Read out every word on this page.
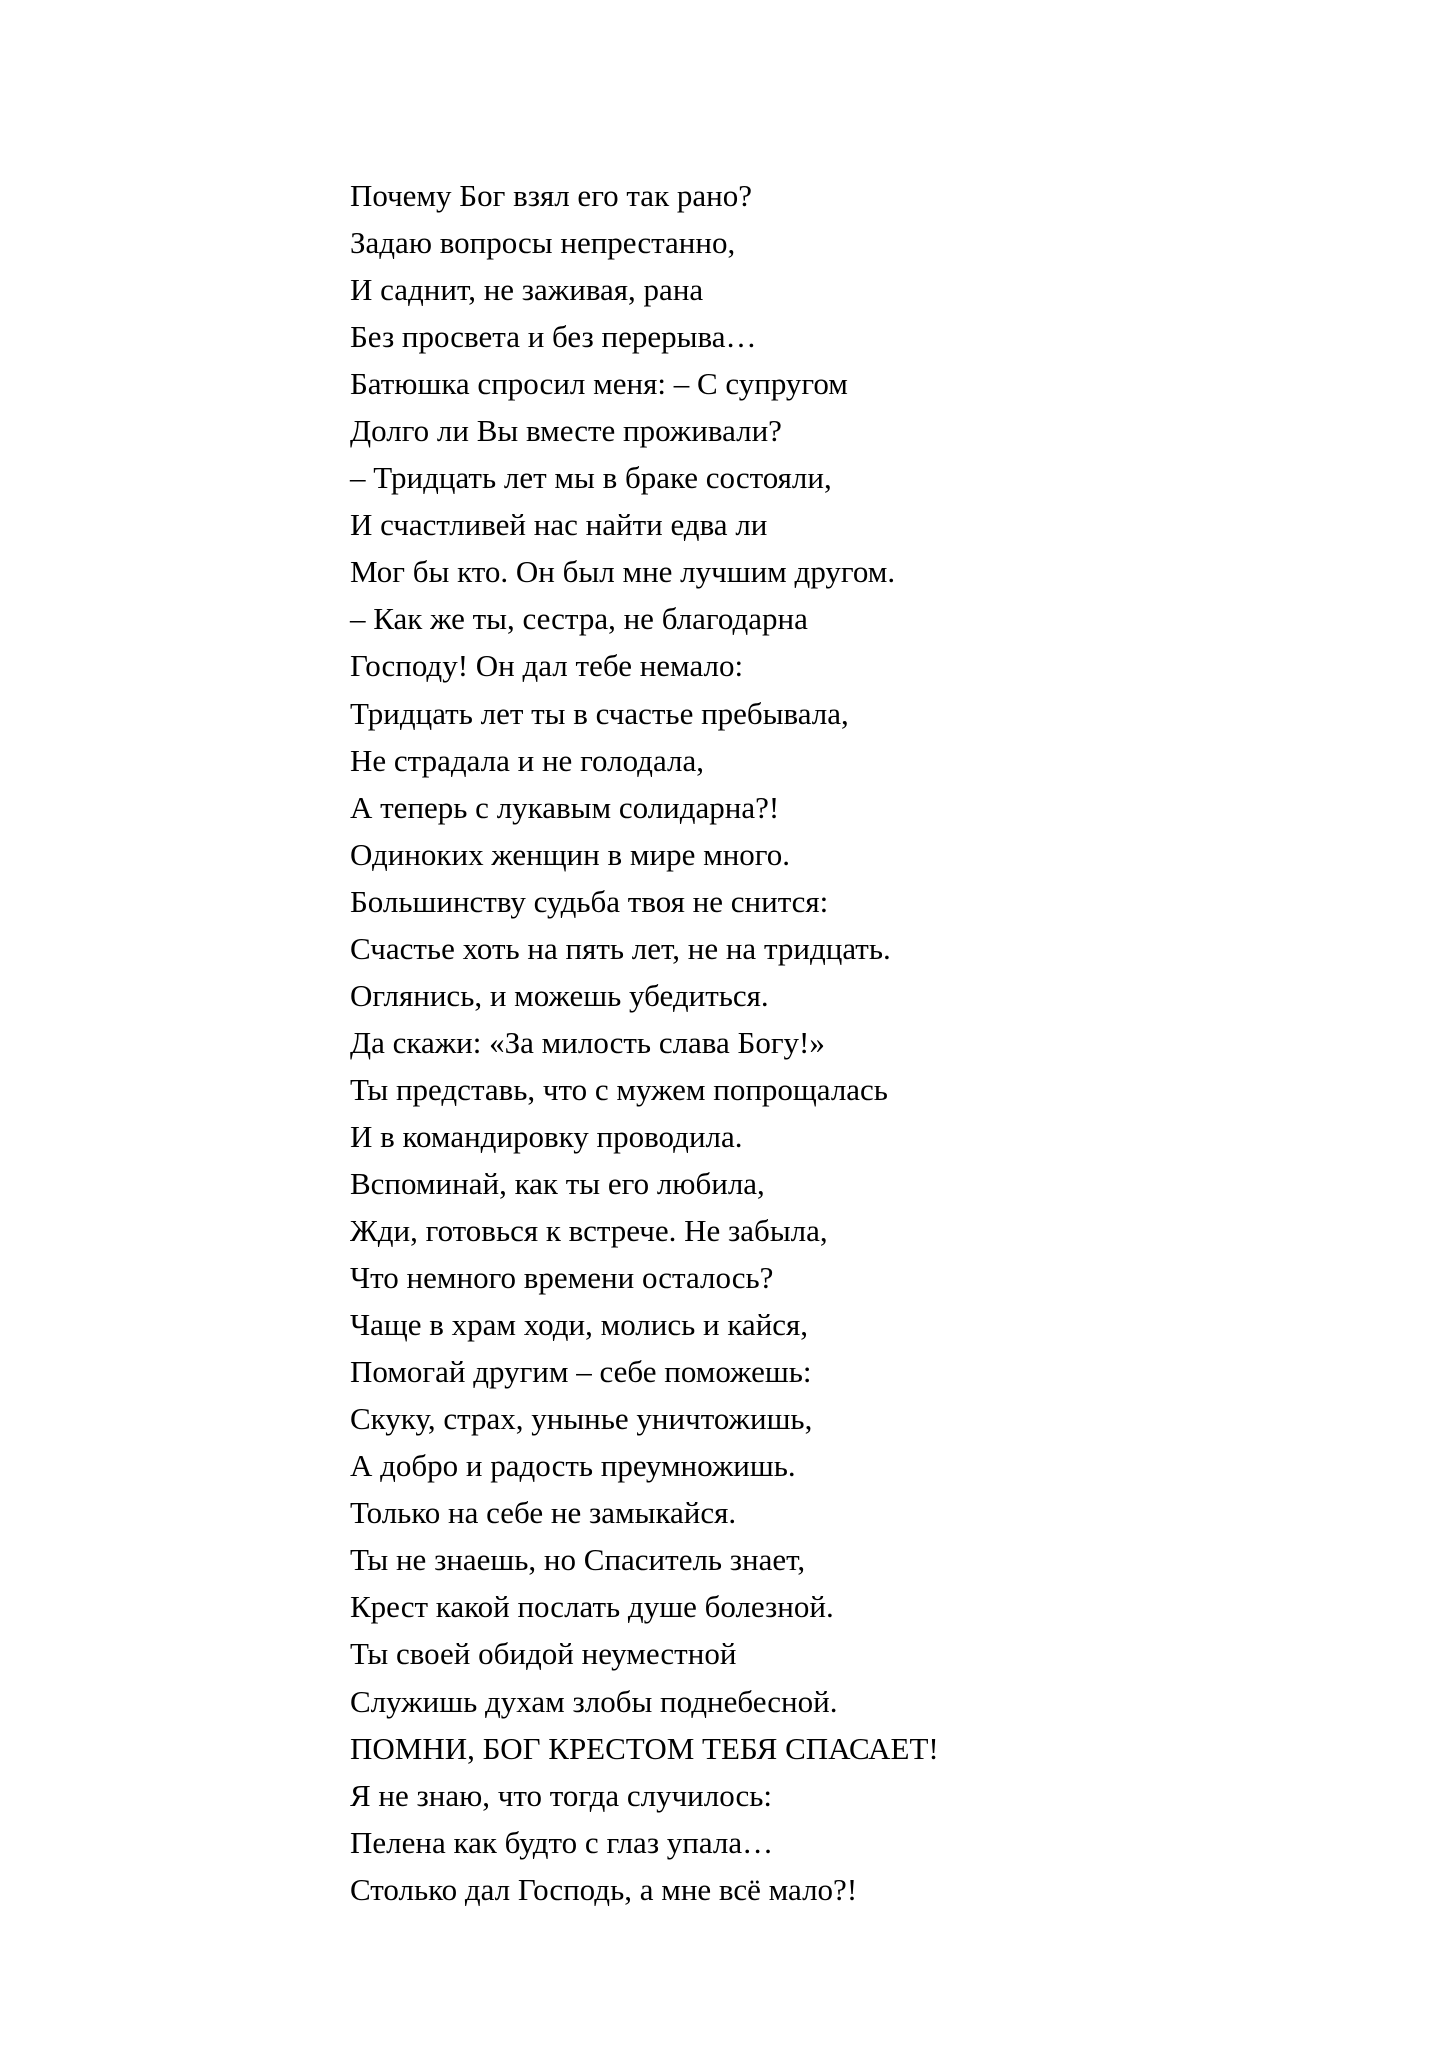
Почему Бог взял его так рано?
Задаю вопросы непрестанно,
И саднит, не заживая, рана
Без просвета и без перерыва…
Батюшка спросил меня: – С супругом
Долго ли Вы вместе проживали?
– Тридцать лет мы в браке состояли,
И счастливей нас найти едва ли
Мог бы кто. Он был мне лучшим другом.
– Как же ты, сестра, не благодарна
Господу! Он дал тебе немало:
Тридцать лет ты в счастье пребывала,
Не страдала и не голодала,
А теперь с лукавым солидарна?!
Одиноких женщин в мире много.
Большинству судьба твоя не снится:
Счастье хоть на пять лет, не на тридцать.
Оглянись, и можешь убедиться.
Да скажи: «За милость слава Богу!»
Ты представь, что с мужем попрощалась
И в командировку проводила.
Вспоминай, как ты его любила,
Жди, готовься к встрече. Не забыла,
Что немного времени осталось?
Чаще в храм ходи, молись и кайся,
Помогай другим – себе поможешь:
Скуку, страх, унынье уничтожишь,
А добро и радость преумножишь.
Только на себе не замыкайся.
Ты не знаешь, но Спаситель знает,
Крест какой послать душе болезной.
Ты своей обидой неуместной
Служишь духам злобы поднебесной.
ПОМНИ, БОГ КРЕСТОМ ТЕБЯ СПАСАЕТ!
Я не знаю, что тогда случилось:
Пелена как будто с глаз упала…
Столько дал Господь, а мне всё мало?!
